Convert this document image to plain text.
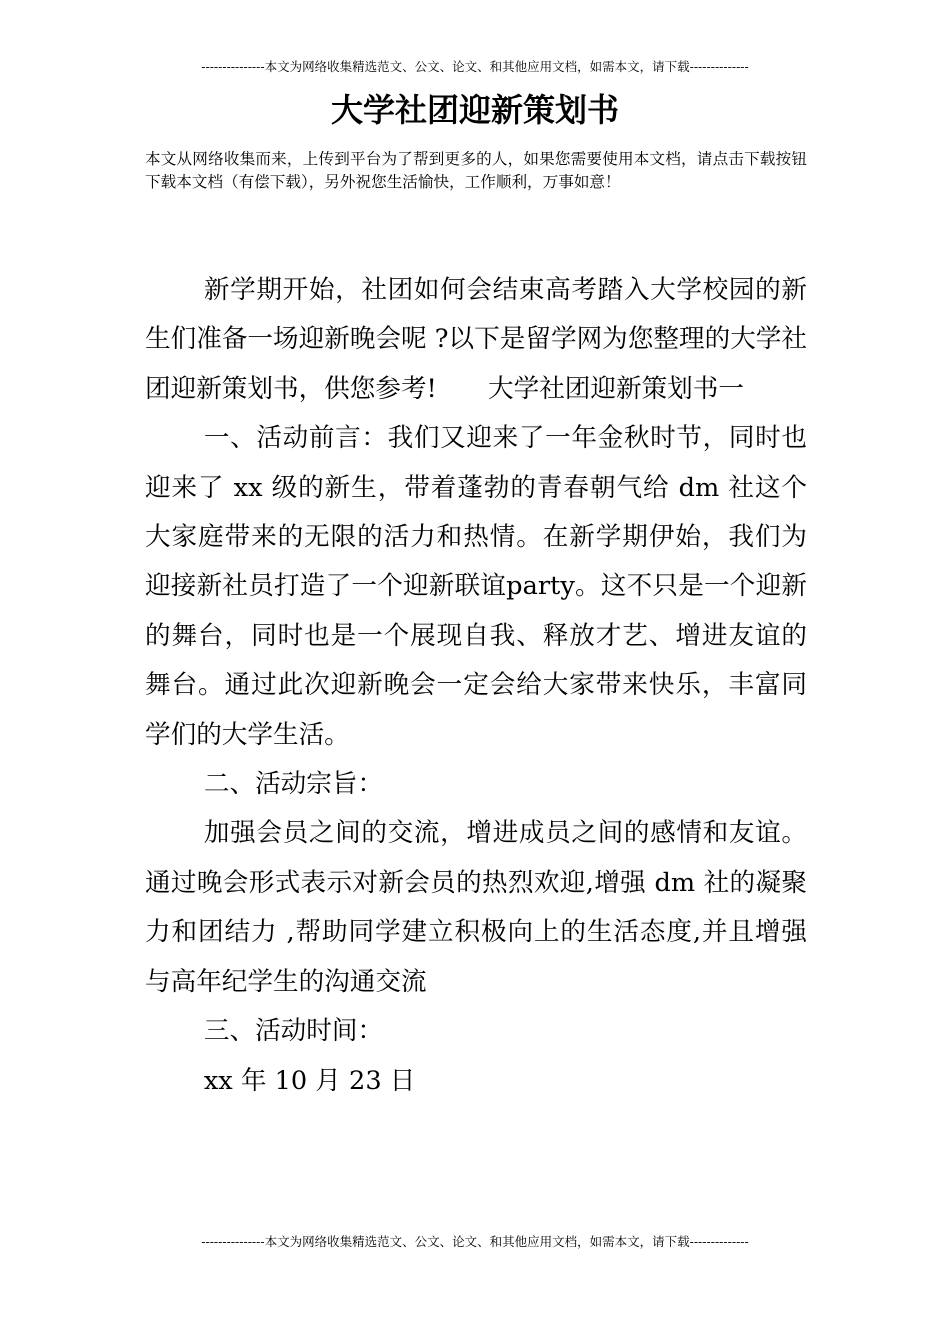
---------------本文为网络收集精选范文、公文、论文、和其他应用文档，如需本文，请下载--------------
大学社团迎新策划书

本文从网络收集而来，上传到平台为了帮到更多的人，如果您需要使用本文档，请点击下载按钮下载本文档（有偿下载），另外祝您生活愉快，工作顺利，万事如意！

新学期开始，社团如何会结束高考踏入大学校园的新生们准备一场迎新晚会呢 ?以下是留学网为您整理的大学社团迎新策划书，供您参考!　　大学社团迎新策划书一

一、活动前言：我们又迎来了一年金秋时节，同时也迎来了 xx 级的新生，带着蓬勃的青春朝气给 dm 社这个大家庭带来的无限的活力和热情。在新学期伊始，我们为迎接新社员打造了一个迎新联谊party。这不只是一个迎新的舞台，同时也是一个展现自我、释放才艺、增进友谊的舞台。通过此次迎新晚会一定会给大家带来快乐，丰富同学们的大学生活。

二、活动宗旨：

加强会员之间的交流，增进成员之间的感情和友谊。通过晚会形式表示对新会员的热烈欢迎,增强 dm 社的凝聚力和团结力 ,帮助同学建立积极向上的生活态度,并且增强与高年纪学生的沟通交流

三、活动时间：

xx 年 10 月 23 日

---------------本文为网络收集精选范文、公文、论文、和其他应用文档，如需本文，请下载--------------
